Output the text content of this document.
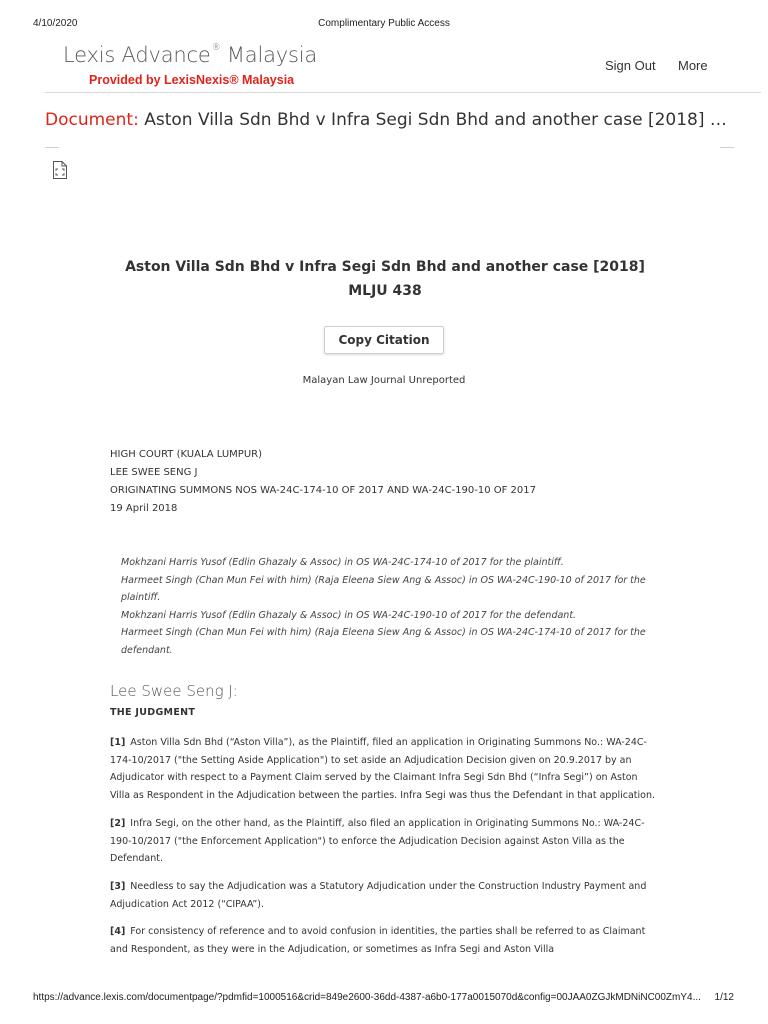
4/10/2020	Complimentary Public Access
Lexis Advance® Malaysia
Provided by LexisNexis® Malaysia
Sign Out More
Document: Aston Villa Sdn Bhd v Infra Segi Sdn Bhd and another case [2018] …
Aston Villa Sdn Bhd v Infra Segi Sdn Bhd and another case [2018]
MLJU 438
Copy Citation
Malayan Law Journal Unreported
HIGH COURT (KUALA LUMPUR)
LEE SWEE SENG J
ORIGINATING SUMMONS NOS WA-24C-174-10 OF 2017 AND WA-24C-190-10 OF 2017
19 April 2018
Mokhzani Harris Yusof (Edlin Ghazaly & Assoc) in OS WA-24C-174-10 of 2017 for the plaintiff.
Harmeet Singh (Chan Mun Fei with him) (Raja Eleena Siew Ang & Assoc) in OS WA-24C-190-10 of 2017 for the plaintiff.
Mokhzani Harris Yusof (Edlin Ghazaly & Assoc) in OS WA-24C-190-10 of 2017 for the defendant.
Harmeet Singh (Chan Mun Fei with him) (Raja Eleena Siew Ang & Assoc) in OS WA-24C-174-10 of 2017 for the defendant.
Lee Swee Seng J:
THE JUDGMENT

[1] Aston Villa Sdn Bhd (“Aston Villa”), as the Plaintiff, filed an application in Originating Summons No.: WA-24C-174-10/2017 ("the Setting Aside Application") to set aside an Adjudication Decision given on 20.9.2017 by an Adjudicator with respect to a Payment Claim served by the Claimant Infra Segi Sdn Bhd (“Infra Segi”) on Aston Villa as Respondent in the Adjudication between the parties. Infra Segi was thus the Defendant in that application.

[2] Infra Segi, on the other hand, as the Plaintiff, also filed an application in Originating Summons No.: WA-24C-190-10/2017 ("the Enforcement Application") to enforce the Adjudication Decision against Aston Villa as the Defendant.

[3] Needless to say the Adjudication was a Statutory Adjudication under the Construction Industry Payment and Adjudication Act 2012 (“CIPAA”).

[4] For consistency of reference and to avoid confusion in identities, the parties shall be referred to as Claimant and Respondent, as they were in the Adjudication, or sometimes as Infra Segi and Aston Villa

https://advance.lexis.com/documentpage/?pdmfid=1000516&crid=849e2600-36dd-4387-a6b0-177a0015070d&config=00JAA0ZGJkMDNiNC00ZmY4... 1/12
